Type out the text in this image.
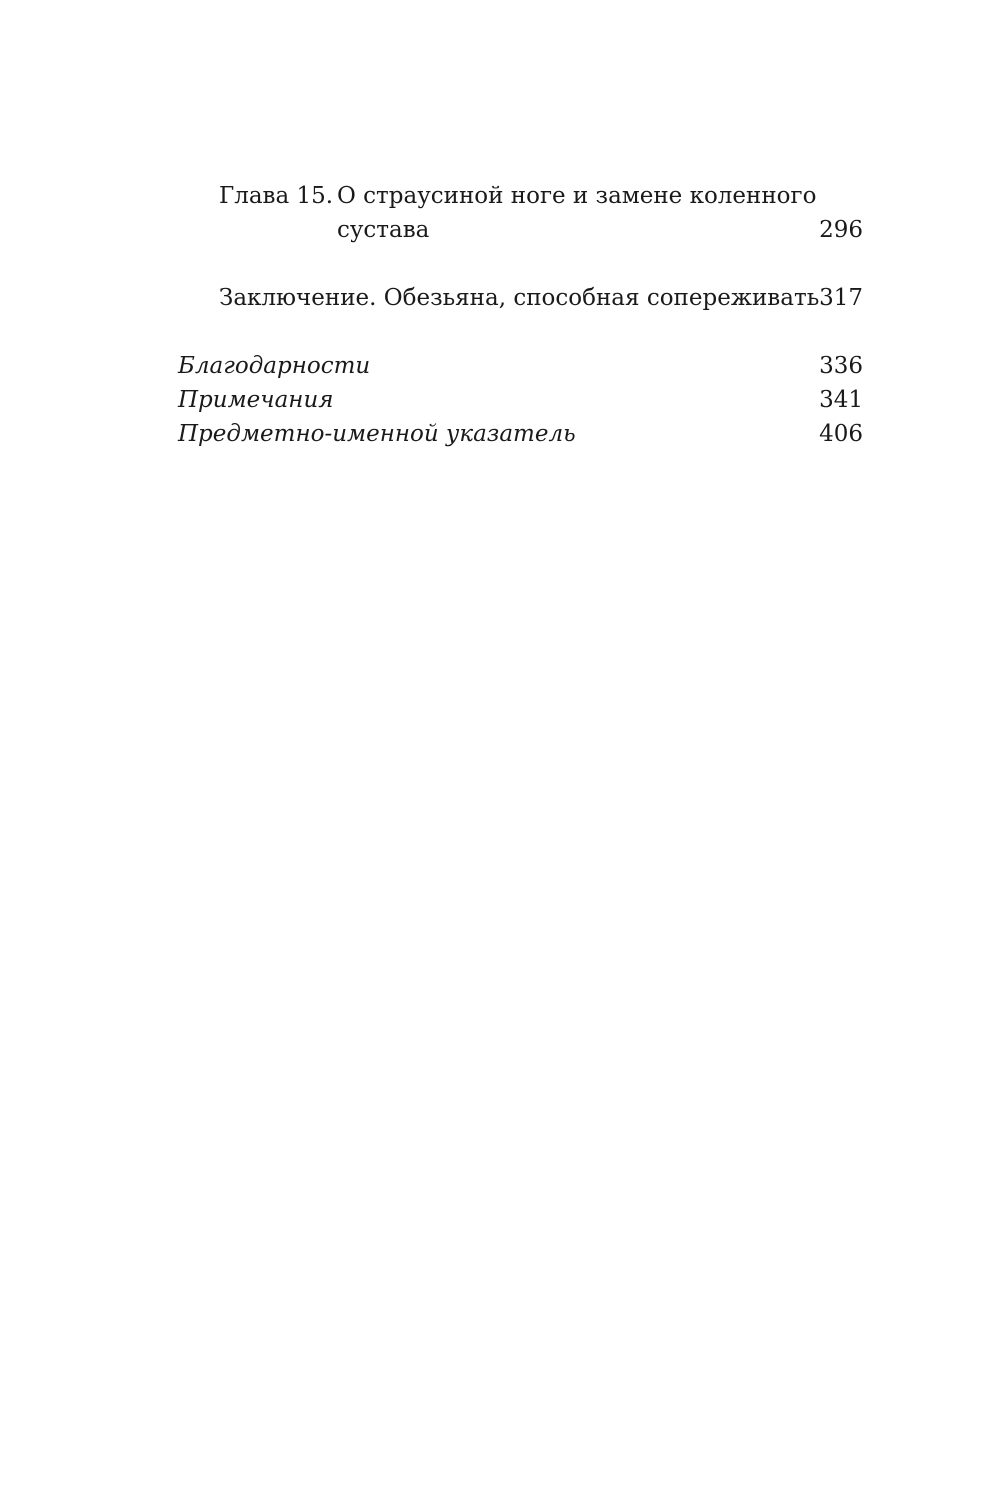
Глава 15. О страусиной ноге и замене коленного
сустава	296
Заключение. Обезьяна, способная сопереживать 317
Благодарности	336
Примечания	341
Предметно-именной указатель	406
